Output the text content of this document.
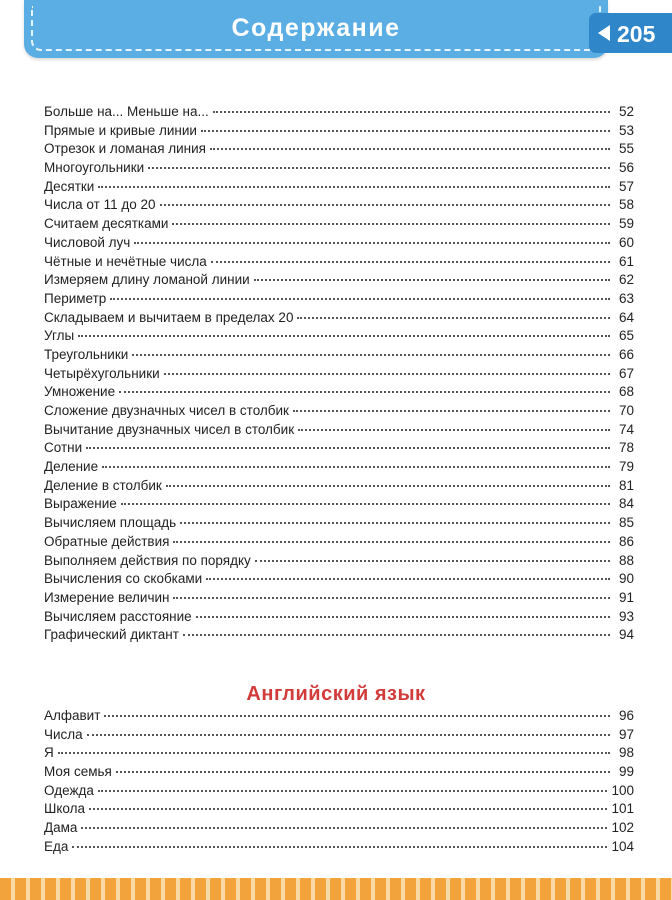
Содержание	205
Больше на... Меньше на...	52
Прямые и кривые линии	53
Отрезок и ломаная линия	55
Многоугольники	56
Десятки	57
Числа от 11 до 20	58
Считаем десятками	59
Числовой луч	60
Чётные и нечётные числа	61
Измеряем длину ломаной линии	62
Периметр	63
Складываем и вычитаем в пределах 20	64
Углы	65
Треугольники	66
Четырёхугольники	67
Умножение	68
Сложение двузначных чисел в столбик	70
Вычитание двузначных чисел в столбик	74
Сотни	78
Деление	79
Деление в столбик	81
Выражение	84
Вычисляем площадь	85
Обратные действия	86
Выполняем действия по порядку	88
Вычисления со скобками	90
Измерение величин	91
Вычисляем расстояние	93
Графический диктант	94
Английский язык
Алфавит	96
Числа	97
Я	98
Моя семья	99
Одежда	100
Школа	101
Дама	102
Еда	104
